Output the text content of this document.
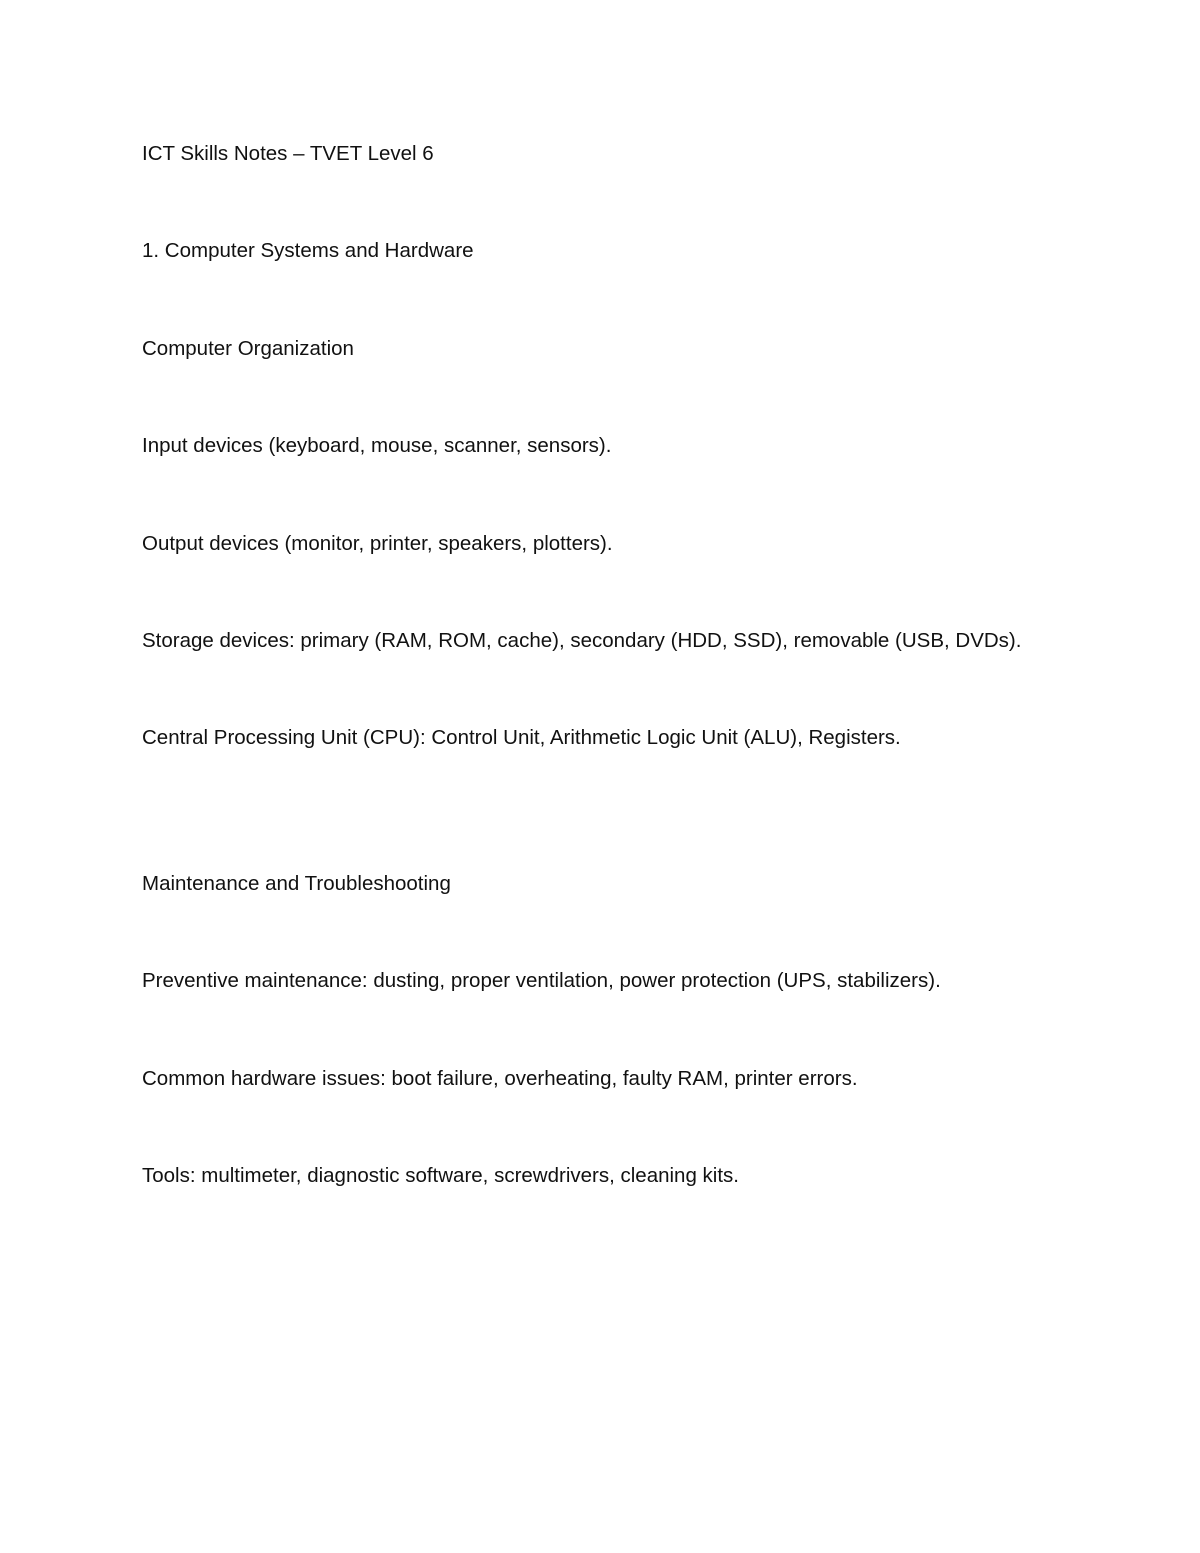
ICT Skills Notes – TVET Level 6

1. Computer Systems and Hardware

Computer Organization

Input devices (keyboard, mouse, scanner, sensors).

Output devices (monitor, printer, speakers, plotters).

Storage devices: primary (RAM, ROM, cache), secondary (HDD, SSD), removable (USB, DVDs).

Central Processing Unit (CPU): Control Unit, Arithmetic Logic Unit (ALU), Registers.

Maintenance and Troubleshooting

Preventive maintenance: dusting, proper ventilation, power protection (UPS, stabilizers).

Common hardware issues: boot failure, overheating, faulty RAM, printer errors.

Tools: multimeter, diagnostic software, screwdrivers, cleaning kits.
